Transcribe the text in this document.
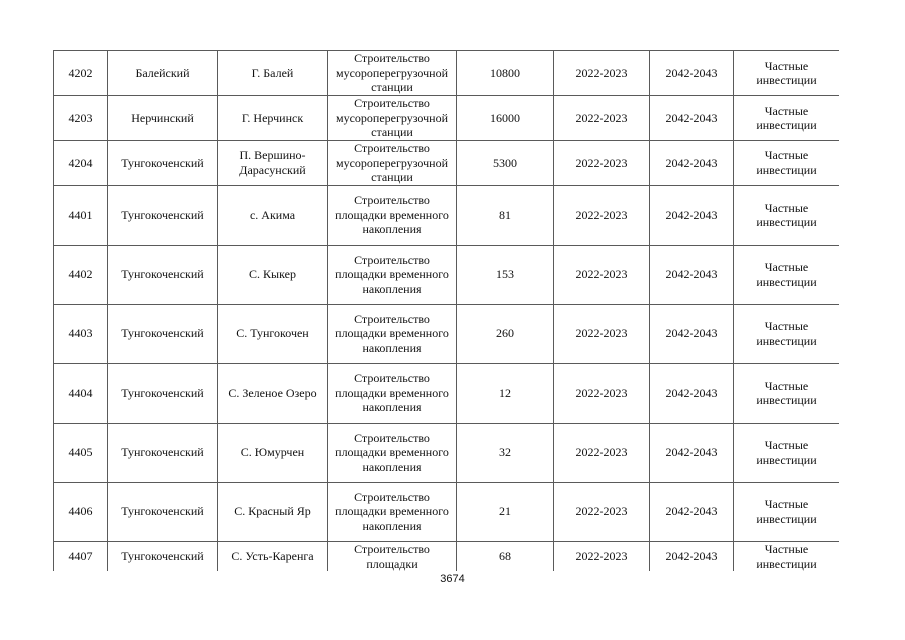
4202	Балейский	Г. Балей	Строительство мусороперегрузочной станции	10800	2022-2023	2042-2043	Частные инвестиции
4203	Нерчинский	Г. Нерчинск	Строительство мусороперегрузочной станции	16000	2022-2023	2042-2043	Частные инвестиции
4204	Тунгокоченский	П. Вершино-Дарасунский	Строительство мусороперегрузочной станции	5300	2022-2023	2042-2043	Частные инвестиции
4401	Тунгокоченский	с. Акима	Строительство площадки временного накопления	81	2022-2023	2042-2043	Частные инвестиции
4402	Тунгокоченский	С. Кыкер	Строительство площадки временного накопления	153	2022-2023	2042-2043	Частные инвестиции
4403	Тунгокоченский	С. Тунгокочен	Строительство площадки временного накопления	260	2022-2023	2042-2043	Частные инвестиции
4404	Тунгокоченский	С. Зеленое Озеро	Строительство площадки временного накопления	12	2022-2023	2042-2043	Частные инвестиции
4405	Тунгокоченский	С. Юмурчен	Строительство площадки временного накопления	32	2022-2023	2042-2043	Частные инвестиции
4406	Тунгокоченский	С. Красный Яр	Строительство площадки временного накопления	21	2022-2023	2042-2043	Частные инвестиции
4407	Тунгокоченский	С. Усть-Каренга	Строительство площадки	68	2022-2023	2042-2043	Частные инвестиции
3674
